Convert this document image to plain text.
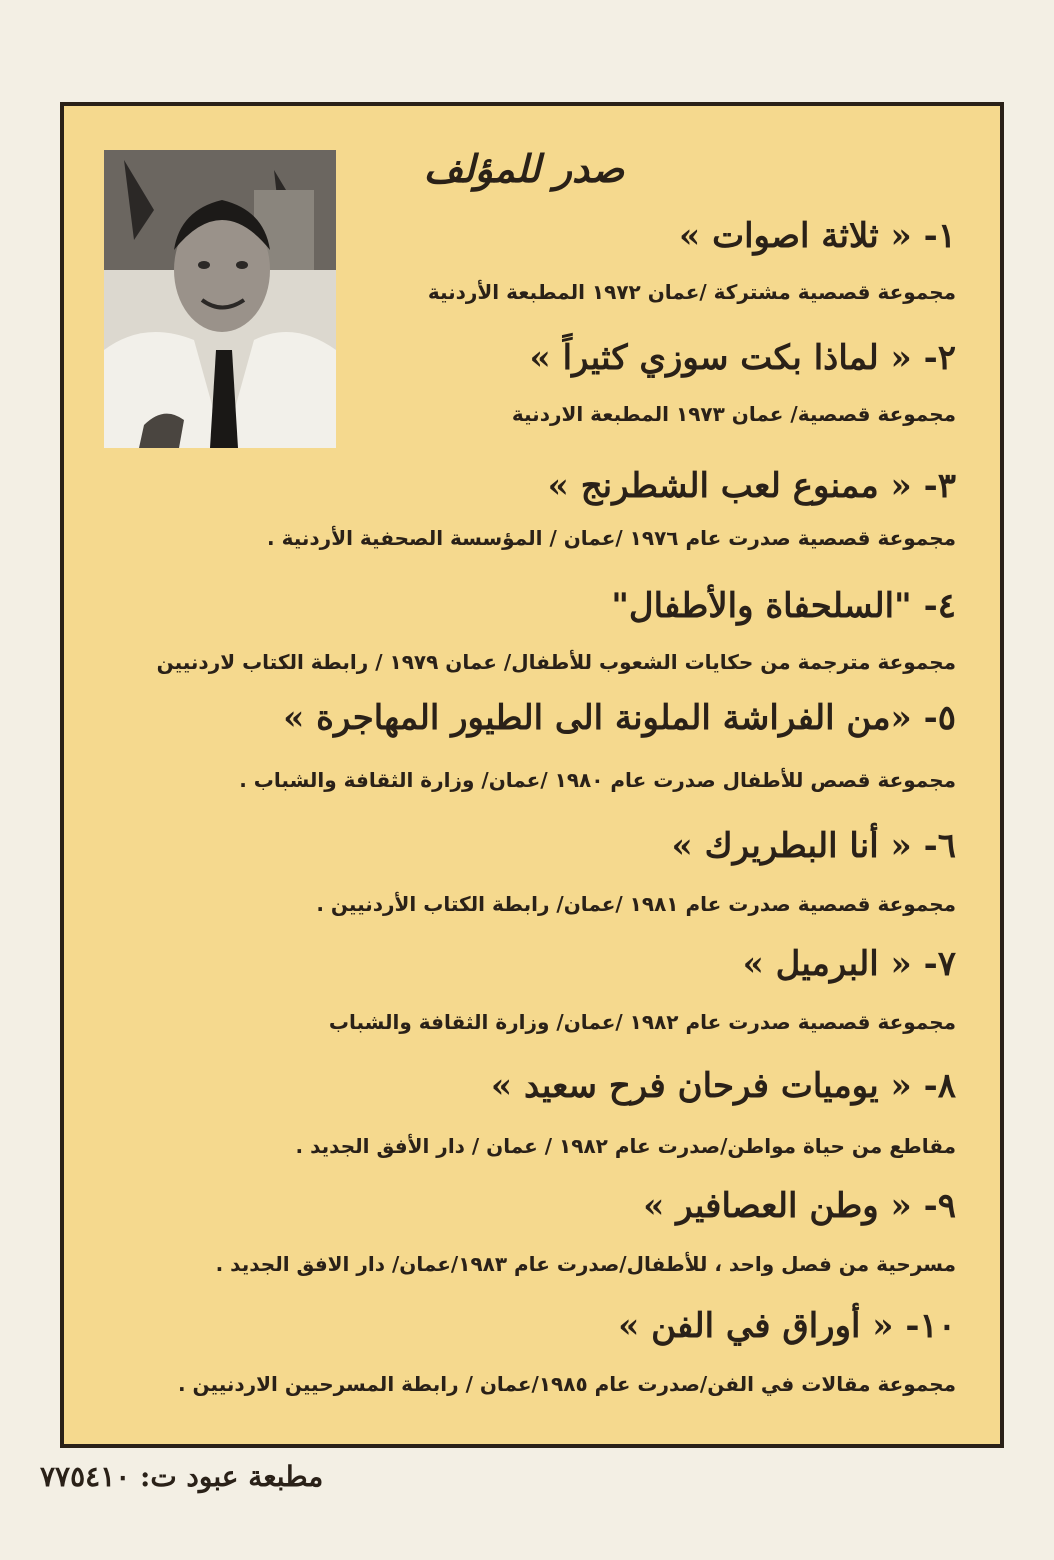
صدر للمؤلف
١- « ثلاثة اصوات »
مجموعة قصصية مشتركة /عمان ١٩٧٢ المطبعة الأردنية
٢- « لماذا بكت سوزي كثيراً »
مجموعة قصصية/ عمان ١٩٧٣ المطبعة الاردنية
٣- « ممنوع لعب الشطرنج »
مجموعة قصصية صدرت عام ١٩٧٦ /عمان / المؤسسة الصحفية الأردنية .
٤- "السلحفاة والأطفال"
مجموعة مترجمة من حكايات الشعوب للأطفال/ عمان ١٩٧٩ / رابطة الكتاب لاردنيين
٥- «من الفراشة الملونة الى الطيور المهاجرة »
مجموعة قصص للأطفال صدرت عام ١٩٨٠ /عمان/ وزارة الثقافة والشباب .
٦- « أنا البطريرك »
مجموعة قصصية صدرت عام ١٩٨١ /عمان/ رابطة الكتاب الأردنيين .
٧- « البرميل »
مجموعة قصصية صدرت عام ١٩٨٢ /عمان/ وزارة الثقافة والشباب
٨- « يوميات فرحان فرح سعيد »
مقاطع من حياة مواطن/صدرت عام ١٩٨٢ / عمان / دار الأفق الجديد .
٩- « وطن العصافير »
مسرحية من فصل واحد ، للأطفال/صدرت عام ١٩٨٣/عمان/ دار الافق الجديد .
١٠- « أوراق في الفن »
مجموعة مقالات في الفن/صدرت عام ١٩٨٥/عمان / رابطة المسرحيين الاردنيين .
مطبعة عبود ت: ٧٧٥٤١٠
